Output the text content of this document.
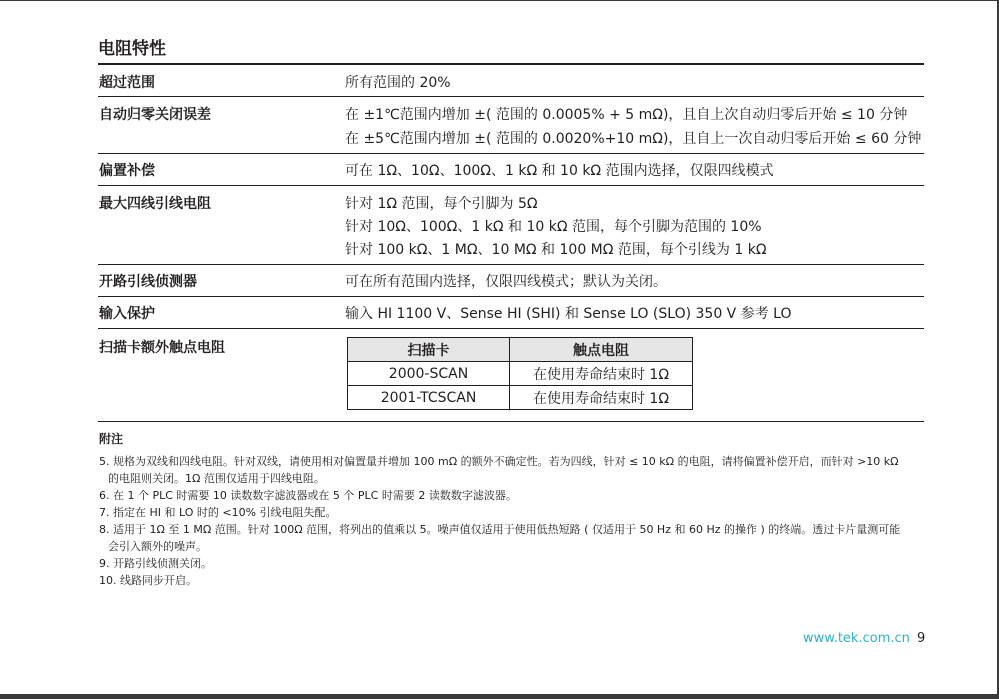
电阻特性
超过范围	所有范围的 20%
自动归零关闭误差	在 ±1℃范围内增加 ±( 范围的 0.0005% + 5 mΩ)，且自上次自动归零后开始 ≤ 10 分钟
在 ±5℃范围内增加 ±( 范围的 0.0020%+10 mΩ)，且自上一次自动归零后开始 ≤ 60 分钟
偏置补偿	可在 1Ω、10Ω、100Ω、1 kΩ 和 10 kΩ 范围内选择，仅限四线模式
最大四线引线电阻	针对 1Ω 范围，每个引脚为 5Ω
针对 10Ω、100Ω、1 kΩ 和 10 kΩ 范围，每个引脚为范围的 10%
针对 100 kΩ、1 MΩ、10 MΩ 和 100 MΩ 范围，每个引线为 1 kΩ
开路引线侦测器	可在所有范围内选择，仅限四线模式；默认为关闭。
输入保护	输入 HI 1100 V、Sense HI (SHI) 和 Sense LO (SLO) 350 V 参考 LO
扫描卡额外触点电阻	扫描卡	触点电阻
2000-SCAN	在使用寿命结束时 1Ω
2001-TCSCAN	在使用寿命结束时 1Ω
附注
5. 规格为双线和四线电阻。针对双线，请使用相对偏置量并增加 100 mΩ 的额外不确定性。若为四线，针对 ≤ 10 kΩ 的电阻，请将偏置补偿开启，而针对 >10 kΩ
的电阻则关闭。1Ω 范围仅适用于四线电阻。
6. 在 1 个 PLC 时需要 10 读数数字滤波器或在 5 个 PLC 时需要 2 读数数字滤波器。
7. 指定在 HI 和 LO 时的 <10% 引线电阻失配。
8. 适用于 1Ω 至 1 MΩ 范围。针对 100Ω 范围，将列出的值乘以 5。噪声值仅适用于使用低热短路 ( 仅适用于 50 Hz 和 60 Hz 的操作 ) 的终端。透过卡片量测可能
会引入额外的噪声。
9. 开路引线侦测关闭。
10. 线路同步开启。
www.tek.com.cn 9
